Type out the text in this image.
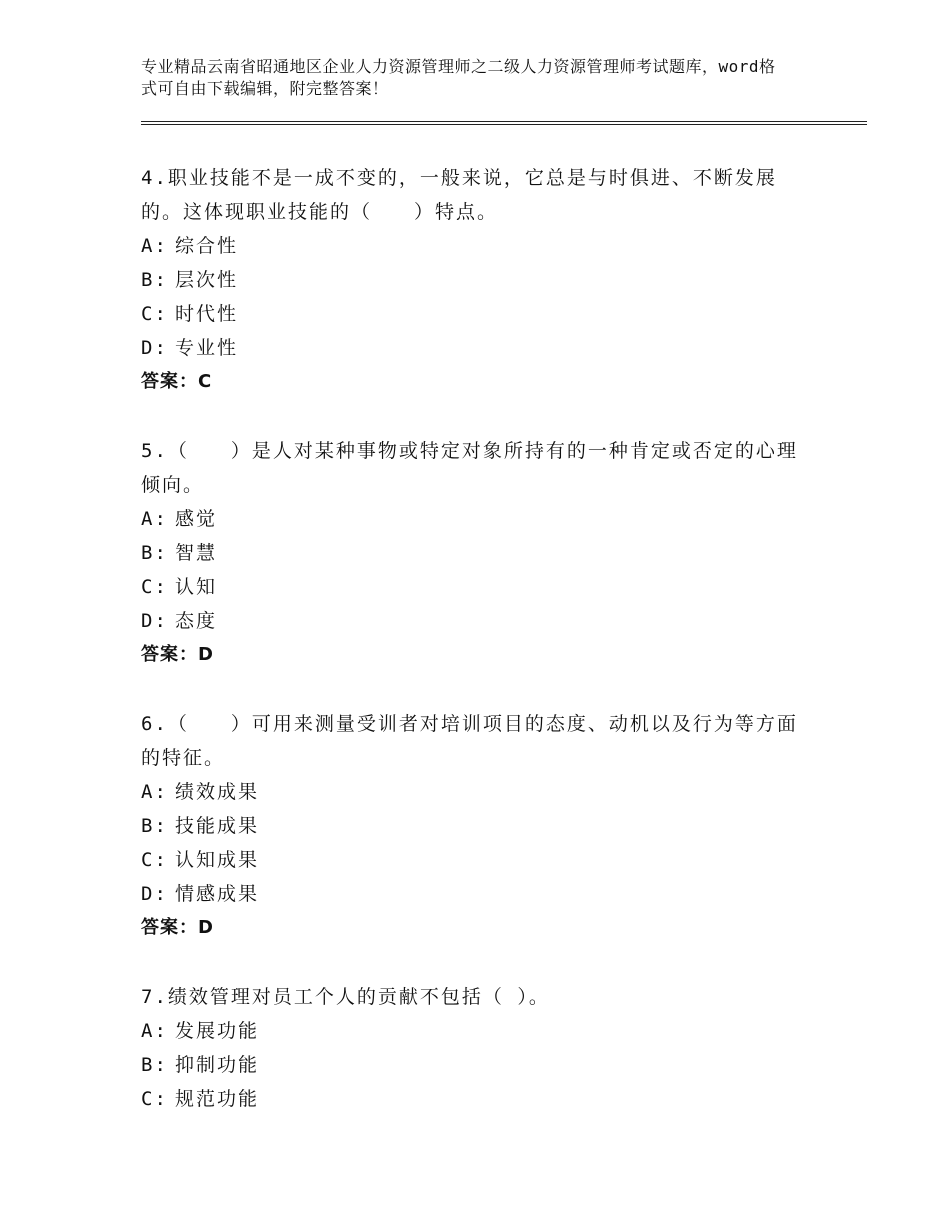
专业精品云南省昭通地区企业人力资源管理师之二级人力资源管理师考试题库，word格式可自由下载编辑，附完整答案！

4.职业技能不是一成不变的，一般来说，它总是与时俱进、不断发展的。这体现职业技能的（　　）特点。

A: 综合性

B: 层次性

C: 时代性

D: 专业性

答案：C

5.（　　）是人对某种事物或特定对象所持有的一种肯定或否定的心理倾向。

A: 感觉

B: 智慧

C: 认知

D: 态度

答案：D

6.（　　）可用来测量受训者对培训项目的态度、动机以及行为等方面的特征。

A: 绩效成果

B: 技能成果

C: 认知成果

D: 情感成果

答案：D

7.绩效管理对员工个人的贡献不包括（ ）。

A: 发展功能

B: 抑制功能

C: 规范功能
